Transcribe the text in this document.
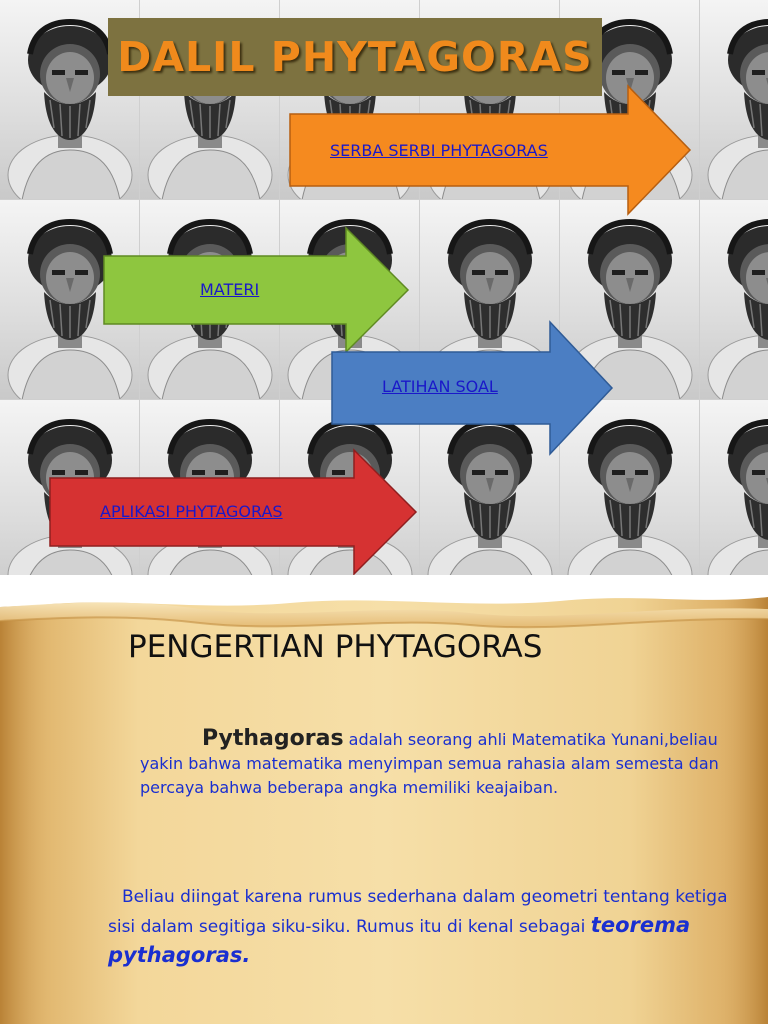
DALIL PHYTAGORAS
SERBA SERBI PHYTAGORAS
MATERI
LATIHAN SOAL
APLIKASI PHYTAGORAS
PENGERTIAN PHYTAGORAS
Pythagoras adalah seorang ahli Matematika Yunani,beliau yakin bahwa matematika menyimpan semua rahasia alam semesta dan percaya bahwa beberapa angka memiliki keajaiban.
Beliau diingat karena rumus sederhana dalam geometri tentang ketiga sisi dalam segitiga siku-siku. Rumus itu di kenal sebagai teorema pythagoras.
